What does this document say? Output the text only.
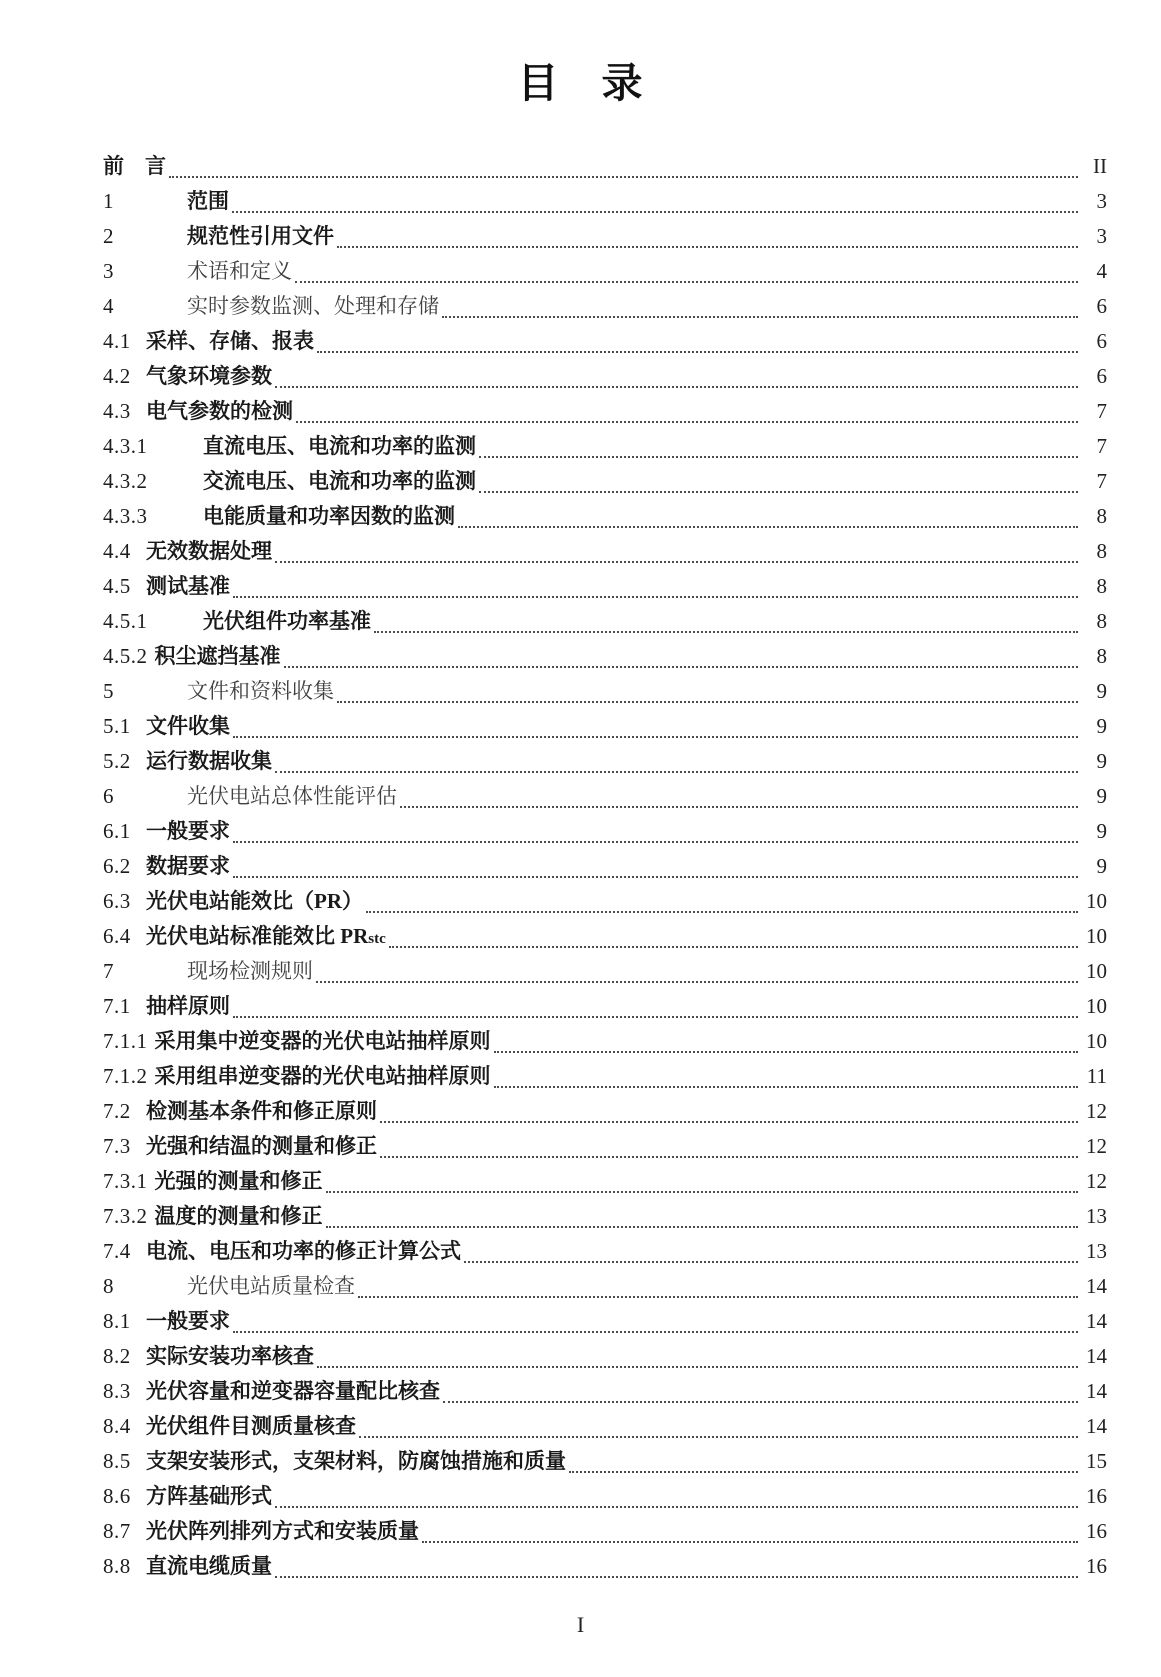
目　录
前　言	II
1	范围	3
2	规范性引用文件	3
3	术语和定义	4
4	实时参数监测、处理和存储	6
4.1 采样、存储、报表	6
4.2 气象环境参数	6
4.3 电气参数的检测	7
4.3.1	直流电压、电流和功率的监测	7
4.3.2	交流电压、电流和功率的监测	7
4.3.3	电能质量和功率因数的监测	8
4.4 无效数据处理	8
4.5 测试基准	8
4.5.1	光伏组件功率基准	8
4.5.2 积尘遮挡基准	8
5	文件和资料收集	9
5.1 文件收集	9
5.2 运行数据收集	9
6	光伏电站总体性能评估	9
6.1 一般要求	9
6.2 数据要求	9
6.3 光伏电站能效比（PR）	10
6.4 光伏电站标准能效比 PRstc	10
7	现场检测规则	10
7.1 抽样原则	10
7.1.1 采用集中逆变器的光伏电站抽样原则	10
7.1.2 采用组串逆变器的光伏电站抽样原则	11
7.2 检测基本条件和修正原则	12
7.3 光强和结温的测量和修正	12
7.3.1 光强的测量和修正	12
7.3.2 温度的测量和修正	13
7.4 电流、电压和功率的修正计算公式	13
8	光伏电站质量检查	14
8.1 一般要求	14
8.2 实际安装功率核查	14
8.3 光伏容量和逆变器容量配比核查	14
8.4 光伏组件目测质量核查	14
8.5 支架安装形式，支架材料，防腐蚀措施和质量	15
8.6 方阵基础形式	16
8.7 光伏阵列排列方式和安装质量	16
8.8 直流电缆质量	16
I
